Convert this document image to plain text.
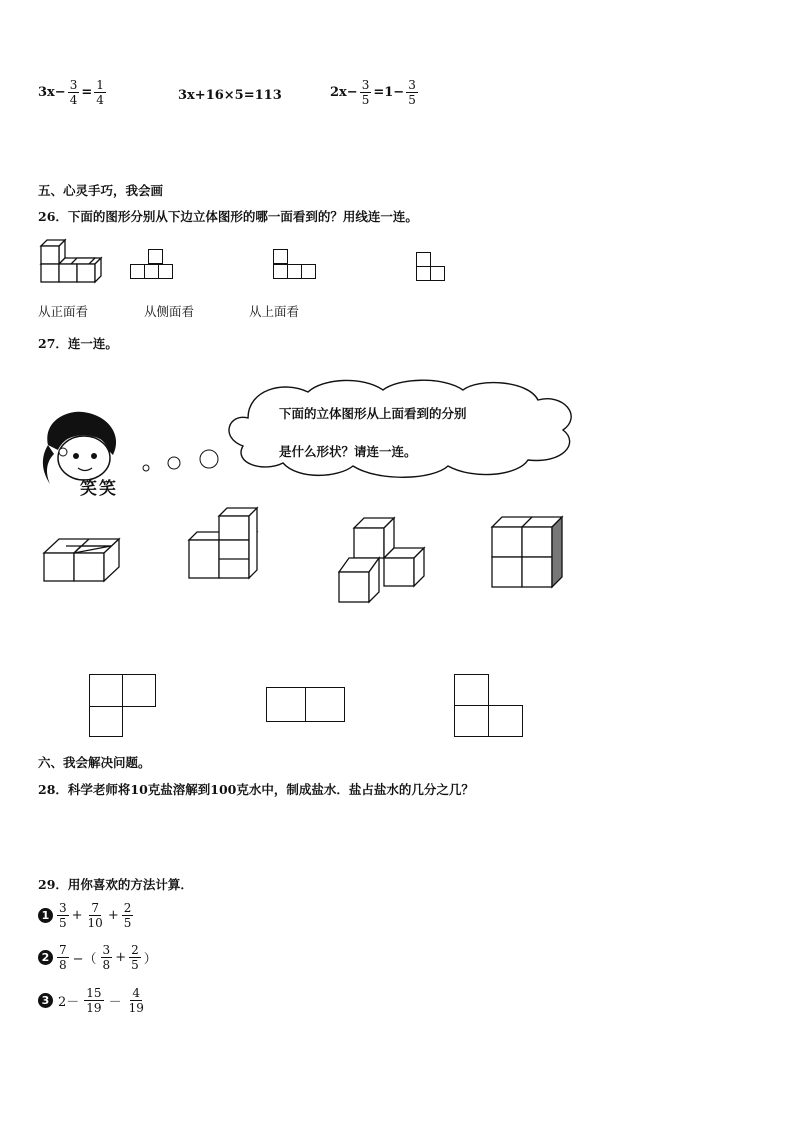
$3x- \frac{3}{4} = \frac{1}{4}$	3x+16×5=113	$2x- \frac{3}{5} =1- \frac{3}{5}$
五、心灵手巧，我会画
26．下面的图形分别从下边立体图形的哪一面看到的？用线连一连。
从正面看	从侧面看	从上面看
27．连一连。
笑笑
下面的立体图形从上面看到的分别
是什么形状？请连一连。
六、我会解决问题。
28．科学老师将10克盐溶解到100克水中，制成盐水．盐占盐水的几分之几？
29．用你喜欢的方法计算．
$1 \frac{3}{5} + \frac{7}{10} + \frac{2}{5}$
$2 \frac{7}{8}$ −（ $\frac{3}{8} + \frac{2}{5}$ ）
3 $2- \frac{15}{19} - \frac{4}{19}$
